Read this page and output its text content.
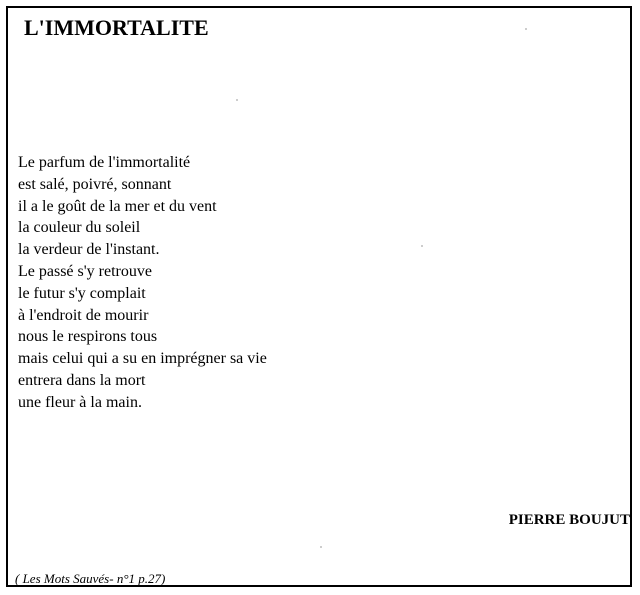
L'IMMORTALITE
Le parfum de l'immortalité
est salé, poivré, sonnant
il a le goût de la mer et du vent
la couleur du soleil
la verdeur de l'instant.
Le passé s'y retrouve
le futur s'y complait
à l'endroit de mourir
nous le respirons tous
mais celui qui a su en imprégner sa vie
entrera dans la mort
une fleur à la main.
PIERRE BOUJUT
( Les Mots Sauvés- n°1 p.27)
